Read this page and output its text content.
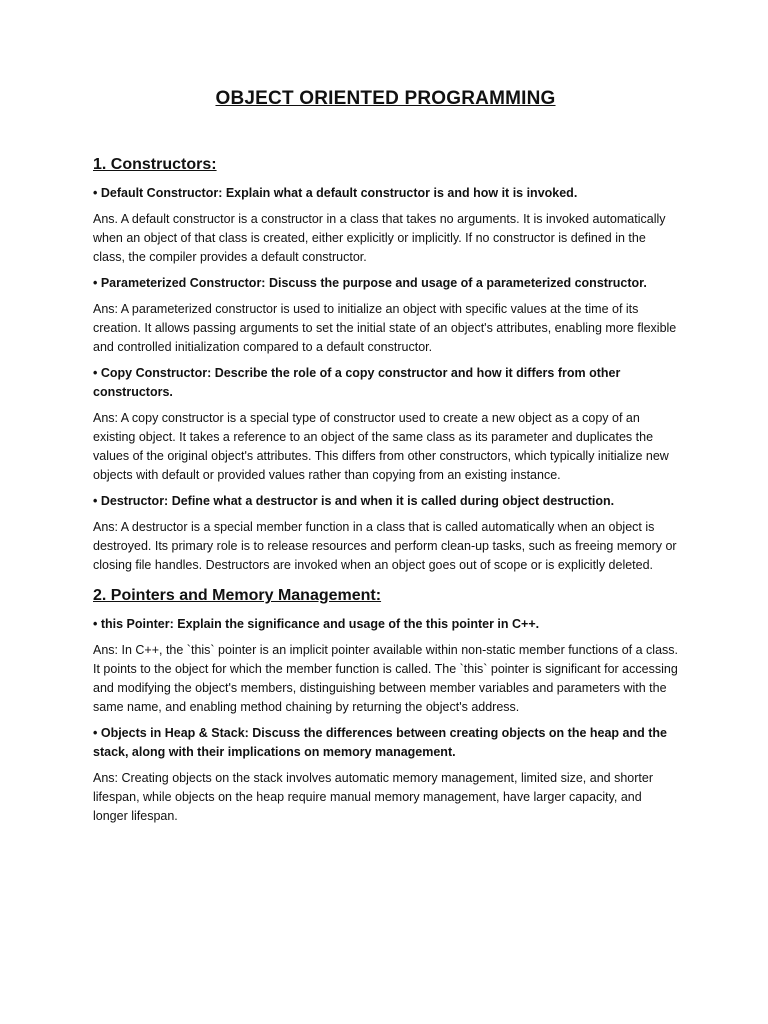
OBJECT ORIENTED PROGRAMMING
1. Constructors:

• Default Constructor: Explain what a default constructor is and how it is invoked.

Ans. A default constructor is a constructor in a class that takes no arguments. It is invoked automatically when an object of that class is created, either explicitly or implicitly. If no constructor is defined in the class, the compiler provides a default constructor.

• Parameterized Constructor: Discuss the purpose and usage of a parameterized constructor.

Ans: A parameterized constructor is used to initialize an object with specific values at the time of its creation. It allows passing arguments to set the initial state of an object's attributes, enabling more flexible and controlled initialization compared to a default constructor.

• Copy Constructor: Describe the role of a copy constructor and how it differs from other constructors.

Ans: A copy constructor is a special type of constructor used to create a new object as a copy of an existing object. It takes a reference to an object of the same class as its parameter and duplicates the values of the original object's attributes. This differs from other constructors, which typically initialize new objects with default or provided values rather than copying from an existing instance.

• Destructor: Define what a destructor is and when it is called during object destruction.

Ans: A destructor is a special member function in a class that is called automatically when an object is destroyed. Its primary role is to release resources and perform clean-up tasks, such as freeing memory or closing file handles. Destructors are invoked when an object goes out of scope or is explicitly deleted.

2. Pointers and Memory Management:

• this Pointer: Explain the significance and usage of the this pointer in C++.

Ans: In C++, the `this` pointer is an implicit pointer available within non-static member functions of a class. It points to the object for which the member function is called. The `this` pointer is significant for accessing and modifying the object's members, distinguishing between member variables and parameters with the same name, and enabling method chaining by returning the object's address.

• Objects in Heap & Stack: Discuss the differences between creating objects on the heap and the stack, along with their implications on memory management.

Ans: Creating objects on the stack involves automatic memory management, limited size, and shorter lifespan, while objects on the heap require manual memory management, have larger capacity, and longer lifespan.
